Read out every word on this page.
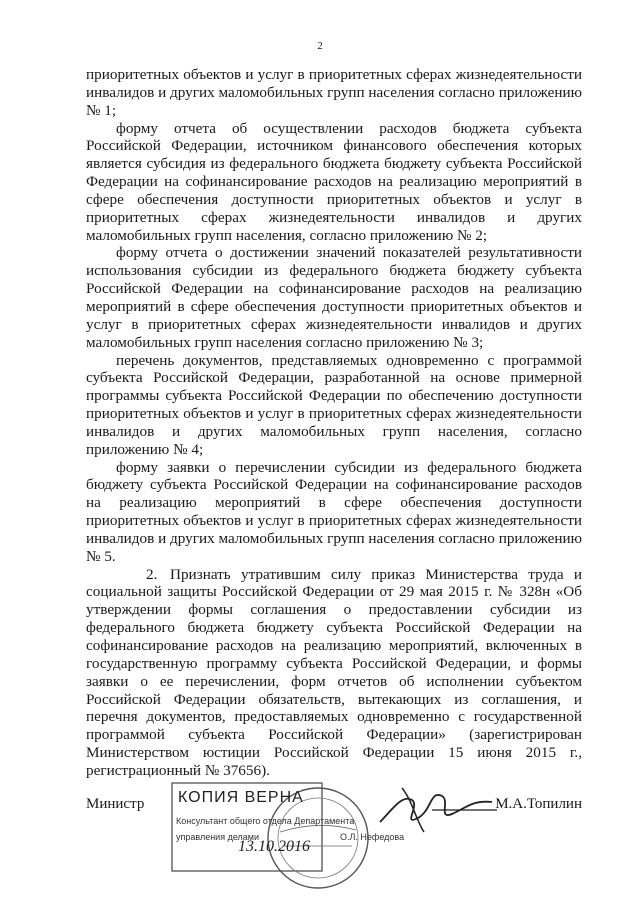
2

приоритетных объектов и услуг в приоритетных сферах жизнедеятельности инвалидов и других маломобильных групп населения согласно приложению № 1;

форму отчета об осуществлении расходов бюджета субъекта Российской Федерации, источником финансового обеспечения которых является субсидия из федерального бюджета бюджету субъекта Российской Федерации на софинансирование расходов на реализацию мероприятий в сфере обеспечения доступности приоритетных объектов и услуг в приоритетных сферах жизнедеятельности инвалидов и других маломобильных групп населения, согласно приложению № 2;

форму отчета о достижении значений показателей результативности использования субсидии из федерального бюджета бюджету субъекта Российской Федерации на софинансирование расходов на реализацию мероприятий в сфере обеспечения доступности приоритетных объектов и услуг в приоритетных сферах жизнедеятельности инвалидов и других маломобильных групп населения согласно приложению № 3;

перечень документов, представляемых одновременно с программой субъекта Российской Федерации, разработанной на основе примерной программы субъекта Российской Федерации по обеспечению доступности приоритетных объектов и услуг в приоритетных сферах жизнедеятельности инвалидов и других маломобильных групп населения, согласно приложению № 4;

форму заявки о перечислении субсидии из федерального бюджета бюджету субъекта Российской Федерации на софинансирование расходов на реализацию мероприятий в сфере обеспечения доступности приоритетных объектов и услуг в приоритетных сферах жизнедеятельности инвалидов и других маломобильных групп населения согласно приложению № 5.

2. Признать утратившим силу приказ Министерства труда и социальной защиты Российской Федерации от 29 мая 2015 г. № 328н «Об утверждении формы соглашения о предоставлении субсидии из федерального бюджета бюджету субъекта Российской Федерации на софинансирование расходов на реализацию мероприятий, включенных в государственную программу субъекта Российской Федерации, и формы заявки о ее перечислении, форм отчетов об исполнении субъектом Российской Федерации обязательств, вытекающих из соглашения, и перечня документов, предоставляемых одновременно с государственной программой субъекта Российской Федерации» (зарегистрирован Министерством юстиции Российской Федерации 15 июня 2015 г., регистрационный № 37656).

Министр КОПИЯ ВЕРНА
Консультант общего отдела Департамента
управления делами	О.Л. Нефедова
13.10.2016
М.А.Топилин
